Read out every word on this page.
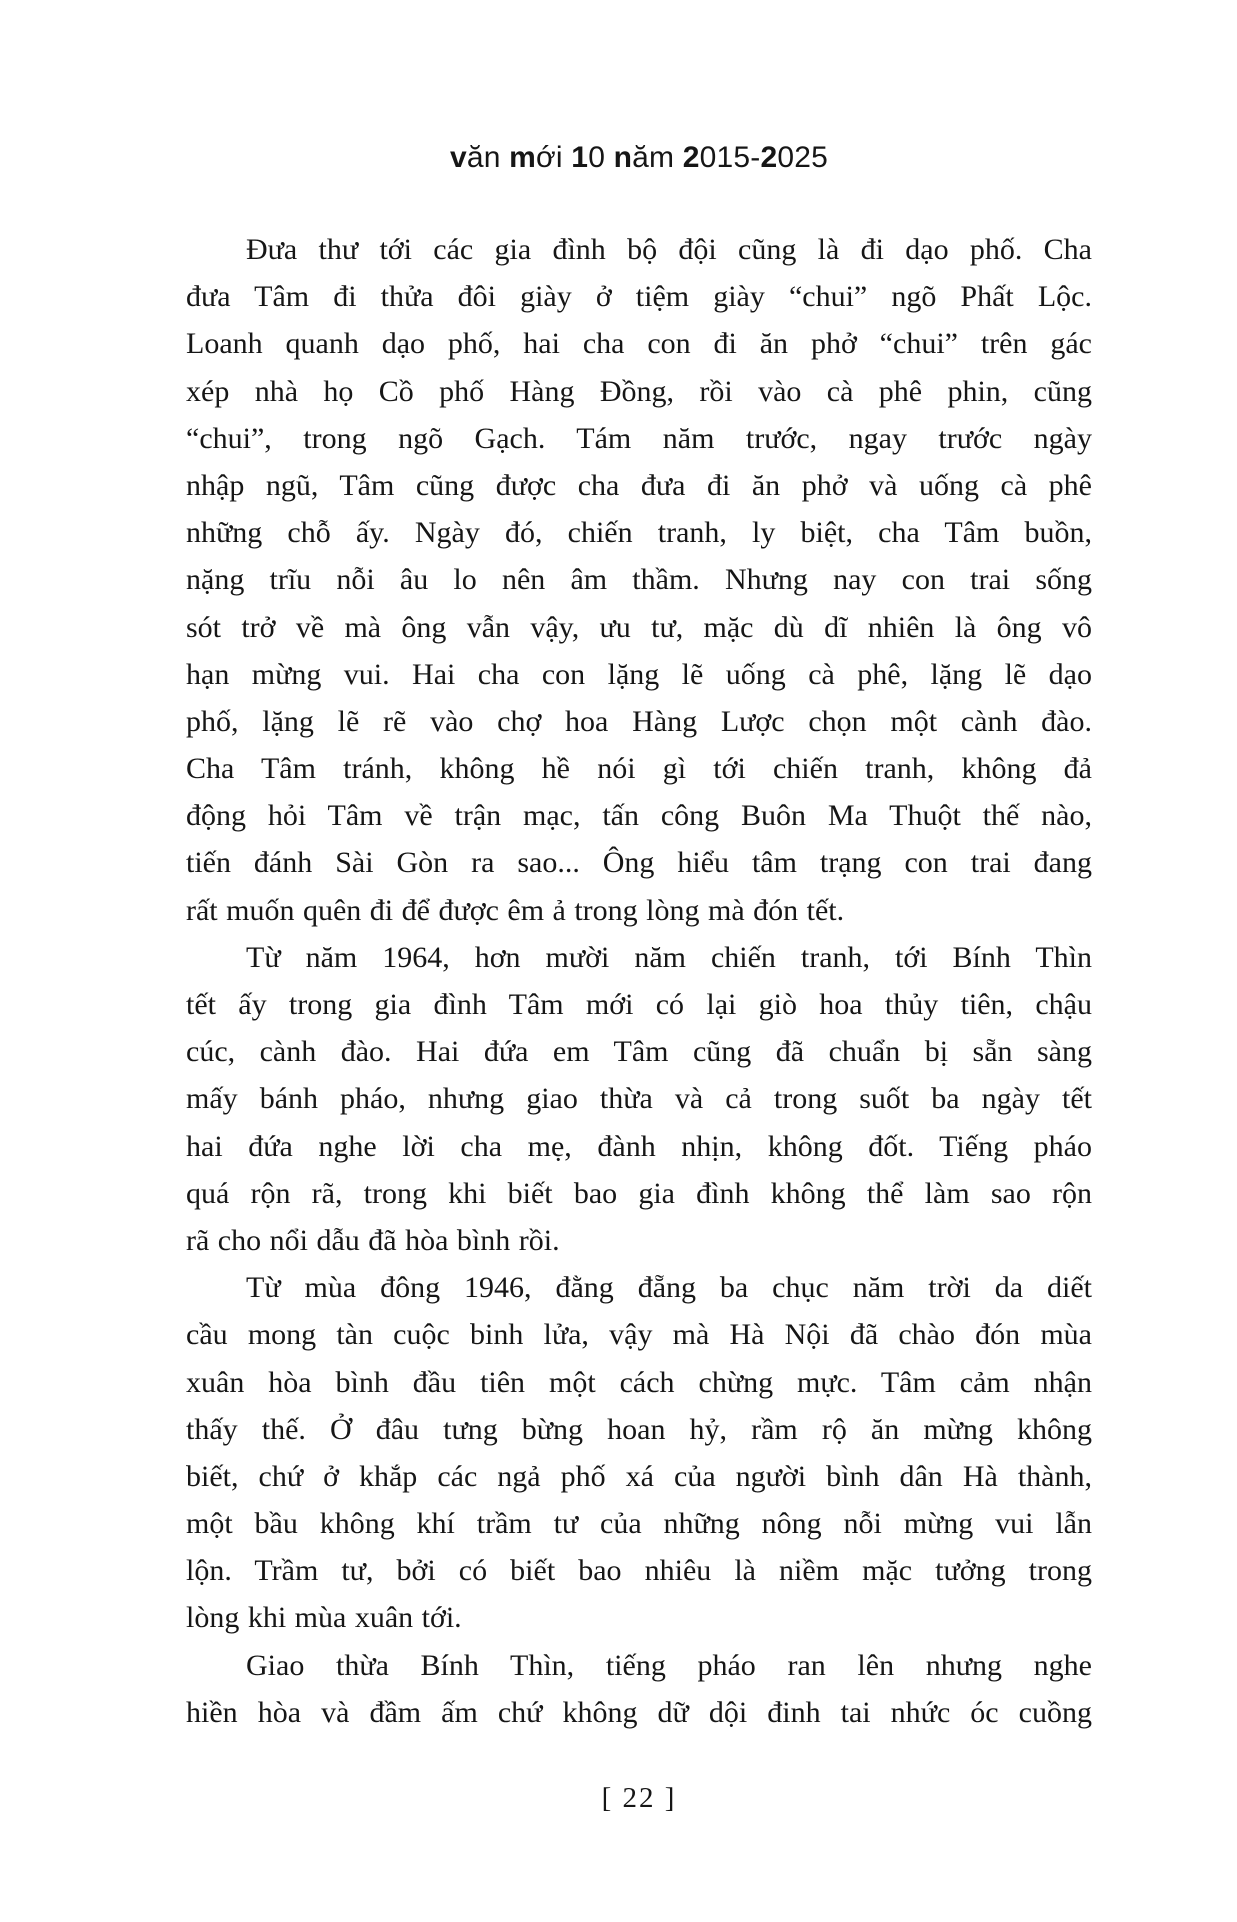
văn mới 10 năm 2015-2025
Đưa thư tới các gia đình bộ đội cũng là đi dạo phố. Cha
đưa Tâm đi thửa đôi giày ở tiệm giày “chui” ngõ Phất Lộc.
Loanh quanh dạo phố, hai cha con đi ăn phở “chui” trên gác
xép nhà họ Cồ phố Hàng Đồng, rồi vào cà phê phin, cũng
“chui”, trong ngõ Gạch. Tám năm trước, ngay trước ngày
nhập ngũ, Tâm cũng được cha đưa đi ăn phở và uống cà phê
những chỗ ấy. Ngày đó, chiến tranh, ly biệt, cha Tâm buồn,
nặng trĩu nỗi âu lo nên âm thầm. Nhưng nay con trai sống
sót trở về mà ông vẫn vậy, ưu tư, mặc dù dĩ nhiên là ông vô
hạn mừng vui. Hai cha con lặng lẽ uống cà phê, lặng lẽ dạo
phố, lặng lẽ rẽ vào chợ hoa Hàng Lược chọn một cành đào.
Cha Tâm tránh, không hề nói gì tới chiến tranh, không đả
động hỏi Tâm về trận mạc, tấn công Buôn Ma Thuột thế nào,
tiến đánh Sài Gòn ra sao... Ông hiểu tâm trạng con trai đang
rất muốn quên đi để được êm ả trong lòng mà đón tết.
Từ năm 1964, hơn mười năm chiến tranh, tới Bính Thìn
tết ấy trong gia đình Tâm mới có lại giò hoa thủy tiên, chậu
cúc, cành đào. Hai đứa em Tâm cũng đã chuẩn bị sẵn sàng
mấy bánh pháo, nhưng giao thừa và cả trong suốt ba ngày tết
hai đứa nghe lời cha mẹ, đành nhịn, không đốt. Tiếng pháo
quá rộn rã, trong khi biết bao gia đình không thể làm sao rộn
rã cho nổi dẫu đã hòa bình rồi.
Từ mùa đông 1946, đằng đẵng ba chục năm trời da diết
cầu mong tàn cuộc binh lửa, vậy mà Hà Nội đã chào đón mùa
xuân hòa bình đầu tiên một cách chừng mực. Tâm cảm nhận
thấy thế. Ở đâu tưng bừng hoan hỷ, rầm rộ ăn mừng không
biết, chứ ở khắp các ngả phố xá của người bình dân Hà thành,
một bầu không khí trầm tư của những nông nỗi mừng vui lẫn
lộn. Trầm tư, bởi có biết bao nhiêu là niềm mặc tưởng trong
lòng khi mùa xuân tới.
Giao thừa Bính Thìn, tiếng pháo ran lên nhưng nghe
hiền hòa và đầm ấm chứ không dữ dội đinh tai nhức óc cuồng
[ 22 ]
